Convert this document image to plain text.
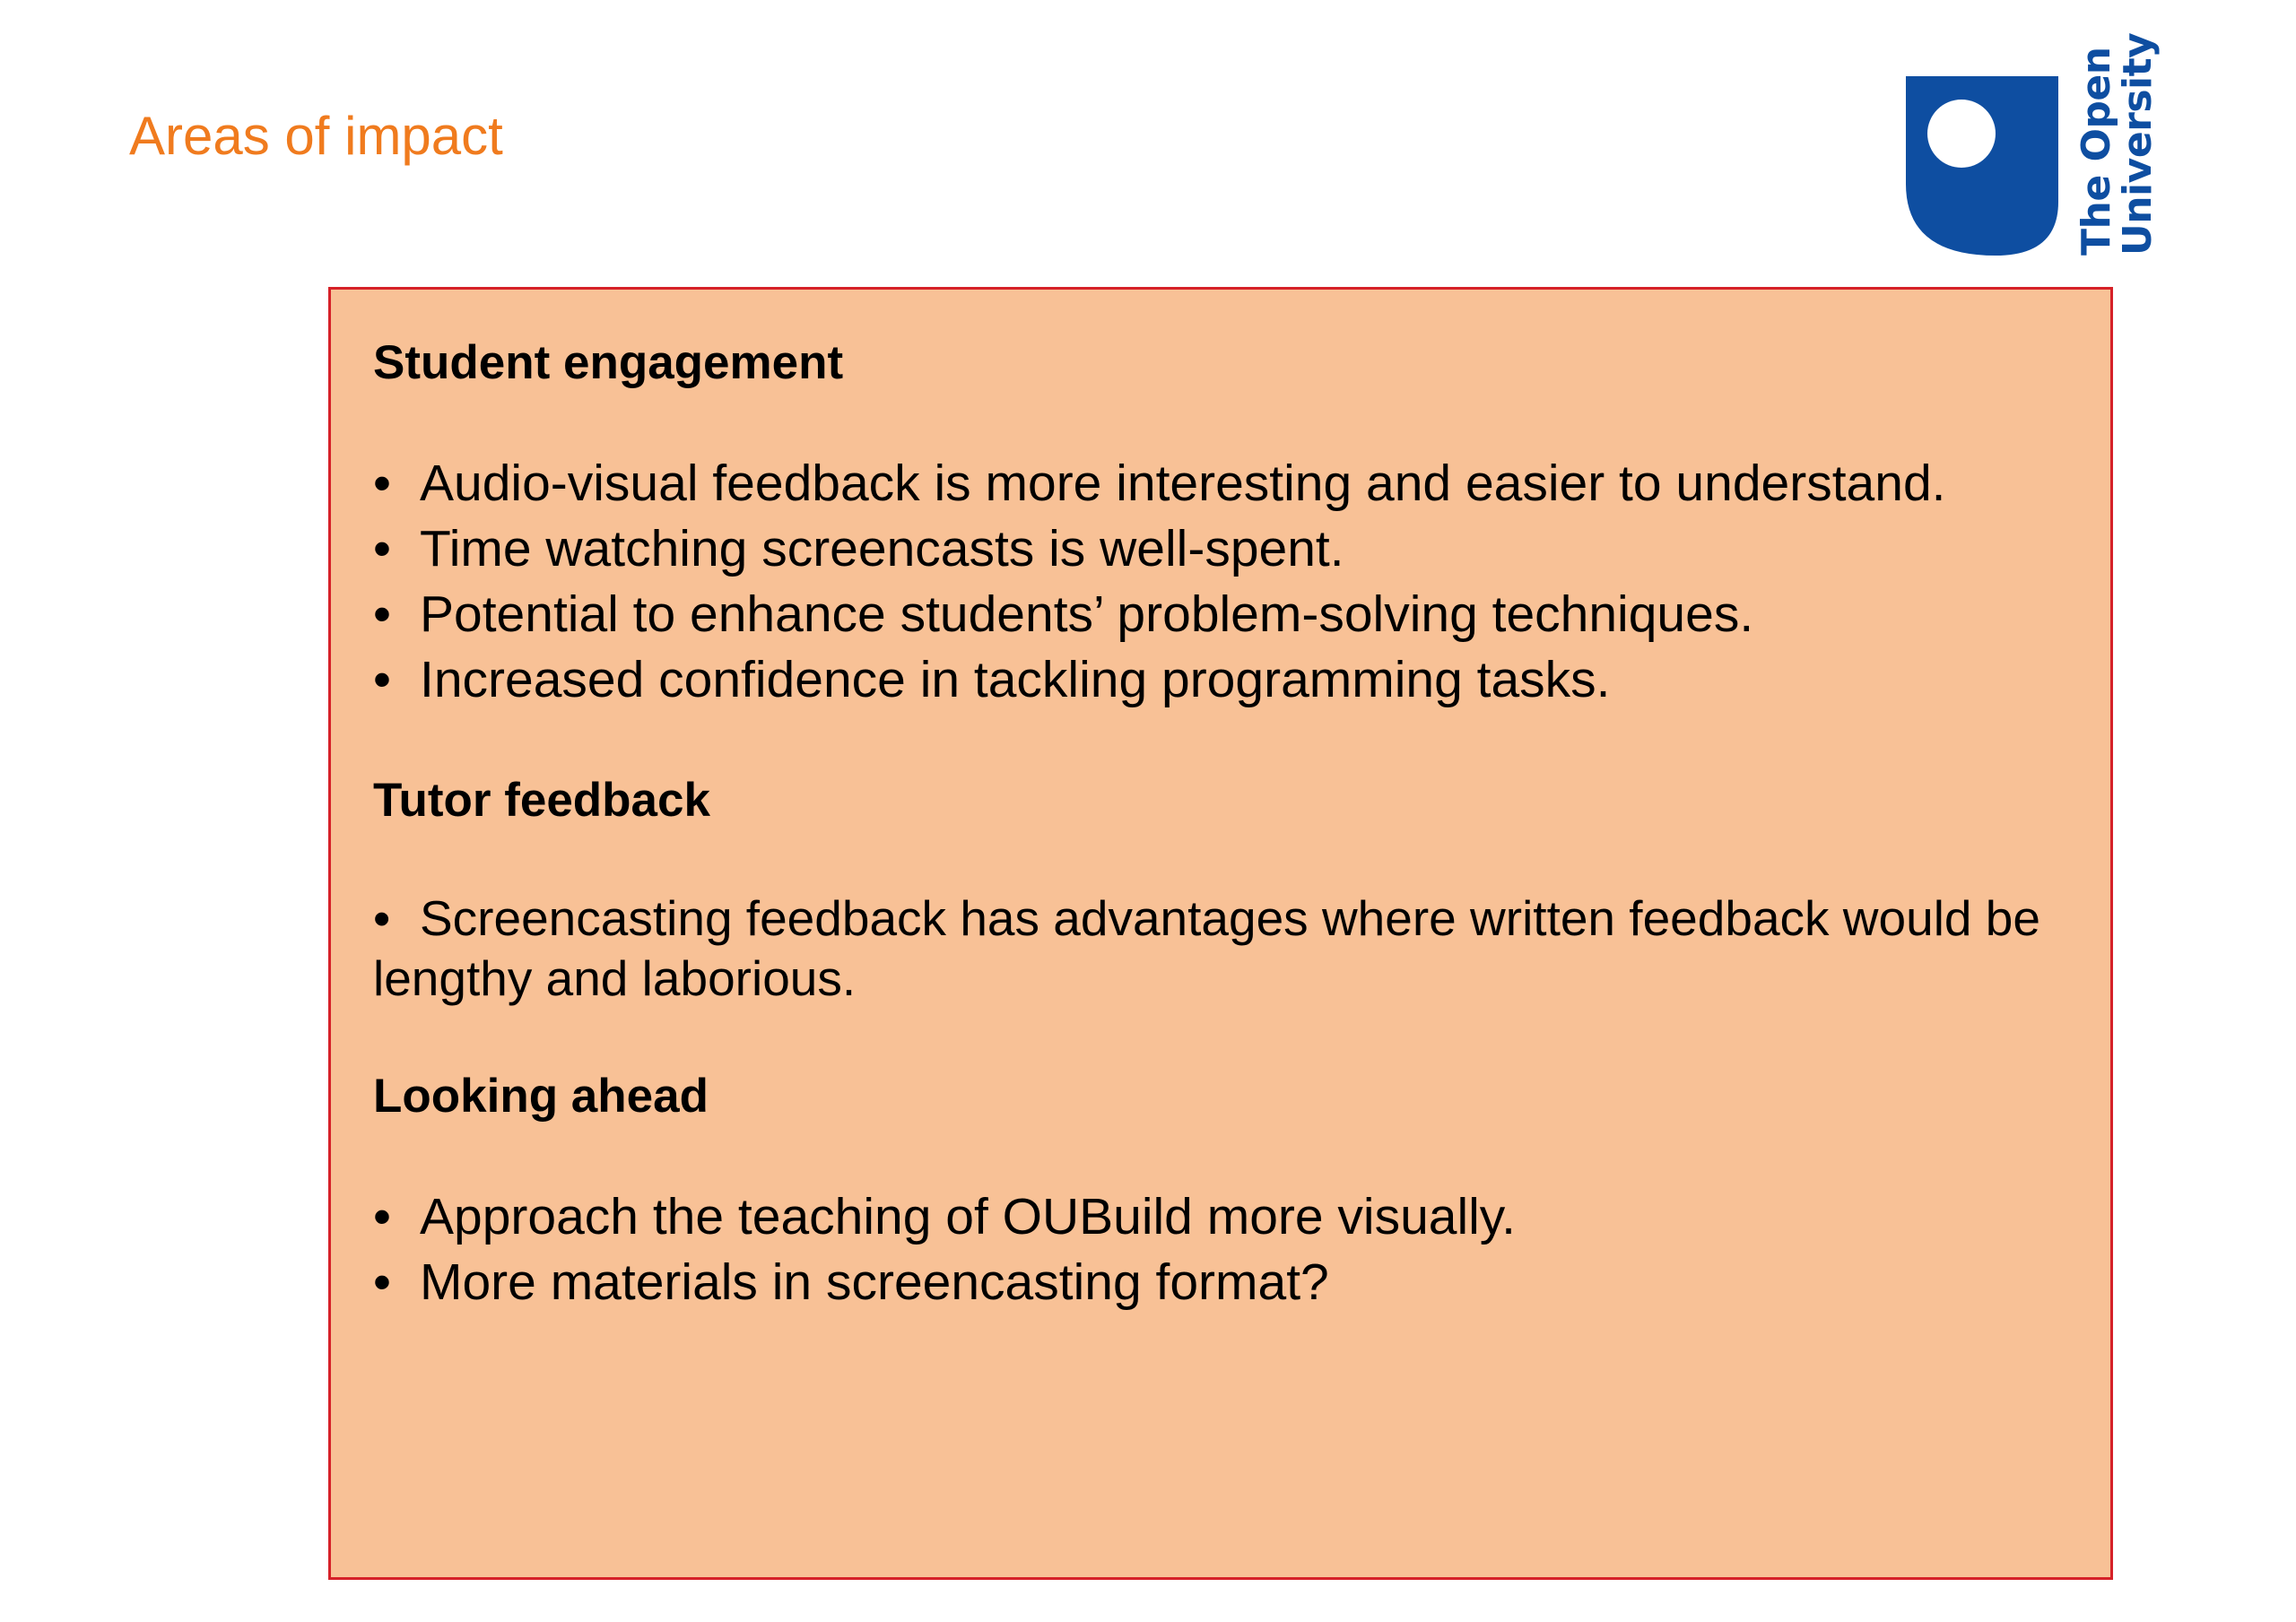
Areas of impact	The Open
University
Student engagement
• Audio-visual feedback is more interesting and easier to understand.
• Time watching screencasts is well-spent.
• Potential to enhance students’ problem-solving techniques.
• Increased confidence in tackling programming tasks.
Tutor feedback

• Screencasting feedback has advantages where written feedback would be lengthy and laborious.

Looking ahead
• Approach the teaching of OUBuild more visually.
• More materials in screencasting format?
